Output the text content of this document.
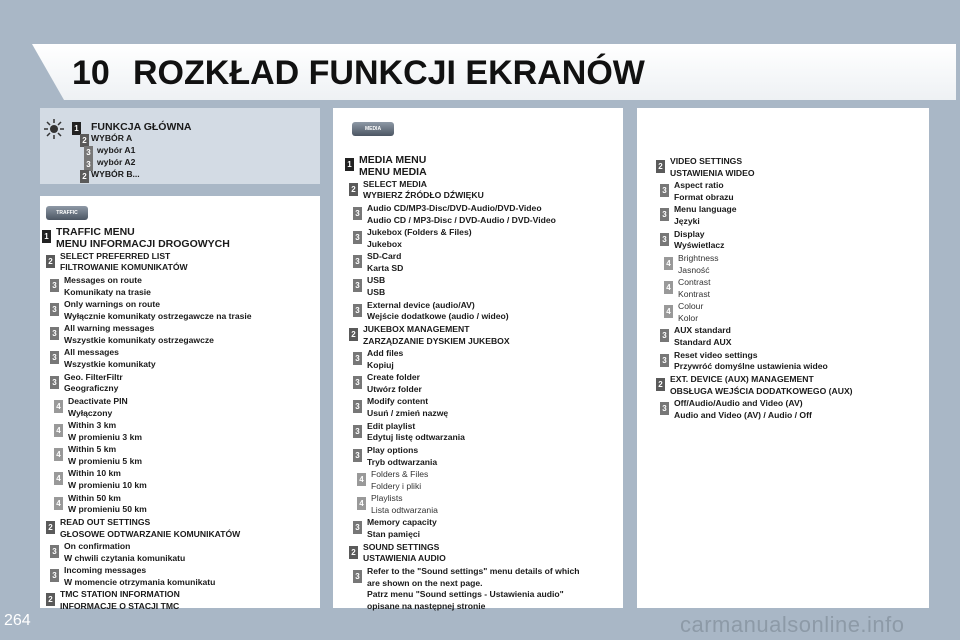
10 ROZKŁAD FUNKCJI EKRANÓW
1 FUNKCJA GŁÓWNA
2 WYBÓR A
3 wybór A1
3 wybór A2
2 WYBÓR B...
TRAFFIC
1 TRAFFIC MENU
MENU INFORMACJI DROGOWYCH
2
SELECT PREFERRED LIST
FILTROWANIE KOMUNIKATÓW
3
Messages on route
Komunikaty na trasie
3
Only warnings on route
Wyłącznie komunikaty ostrzegawcze na trasie
3
All warning messages
Wszystkie komunikaty ostrzegawcze
3
All messages
Wszystkie komunikaty
3
Geo. FilterFiltr
Geograficzny
4
Deactivate PIN
Wyłączony
4
Within 3 km
W promieniu 3 km
4
Within 5 km
W promieniu 5 km
4
Within 10 km
W promieniu 10 km
4
Within 50 km
W promieniu 50 km
2
READ OUT SETTINGS
GŁOSOWE ODTWARZANIE KOMUNIKATÓW
3
On confirmation
W chwili czytania komunikatu
3
Incoming messages
W momencie otrzymania komunikatu
2
TMC STATION INFORMATION
INFORMACJE O STACJI TMC
MEDIA
1 MEDIA MENU
MENU MEDIA
2
SELECT MEDIA
WYBIERZ ŹRÓDŁO DŹWIĘKU
3
Audio CD/MP3-Disc/DVD-Audio/DVD-Video
Audio CD / MP3-Disc / DVD-Audio / DVD-Video
3
Jukebox (Folders & Files)
Jukebox
3
SD-Card
Karta SD
3
USB
USB
3
External device (audio/AV)
Wejście dodatkowe (audio / wideo)
2
JUKEBOX MANAGEMENT
ZARZĄDZANIE DYSKIEM JUKEBOX
3
Add files
Kopiuj
3
Create folder
Utwórz folder
3
Modify content
Usuń / zmień nazwę
3
Edit playlist
Edytuj listę odtwarzania
3
Play options
Tryb odtwarzania
4
Folders & Files
Foldery i pliki
4
Playlists
Lista odtwarzania
3
Memory capacity
Stan pamięci
2
SOUND SETTINGS
USTAWIENIA AUDIO
3
Refer to the "Sound settings" menu details of which
are shown on the next page.
Patrz menu "Sound settings - Ustawienia audio"
opisane na następnej stronie
2
VIDEO SETTINGS
USTAWIENIA WIDEO
3
Aspect ratio
Format obrazu
3
Menu language
Języki
3
Display
Wyświetlacz
4
Brightness
Jasność
4
Contrast
Kontrast
4
Colour
Kolor
3
AUX standard
Standard AUX
3
Reset video settings
Przywróć domyślne ustawienia wideo
2
EXT. DEVICE (AUX) MANAGEMENT
OBSŁUGA WEJŚCIA DODATKOWEGO (AUX)
3
Off/Audio/Audio and Video (AV)
Audio and Video (AV) / Audio / Off
264	carmanualsonline.info
